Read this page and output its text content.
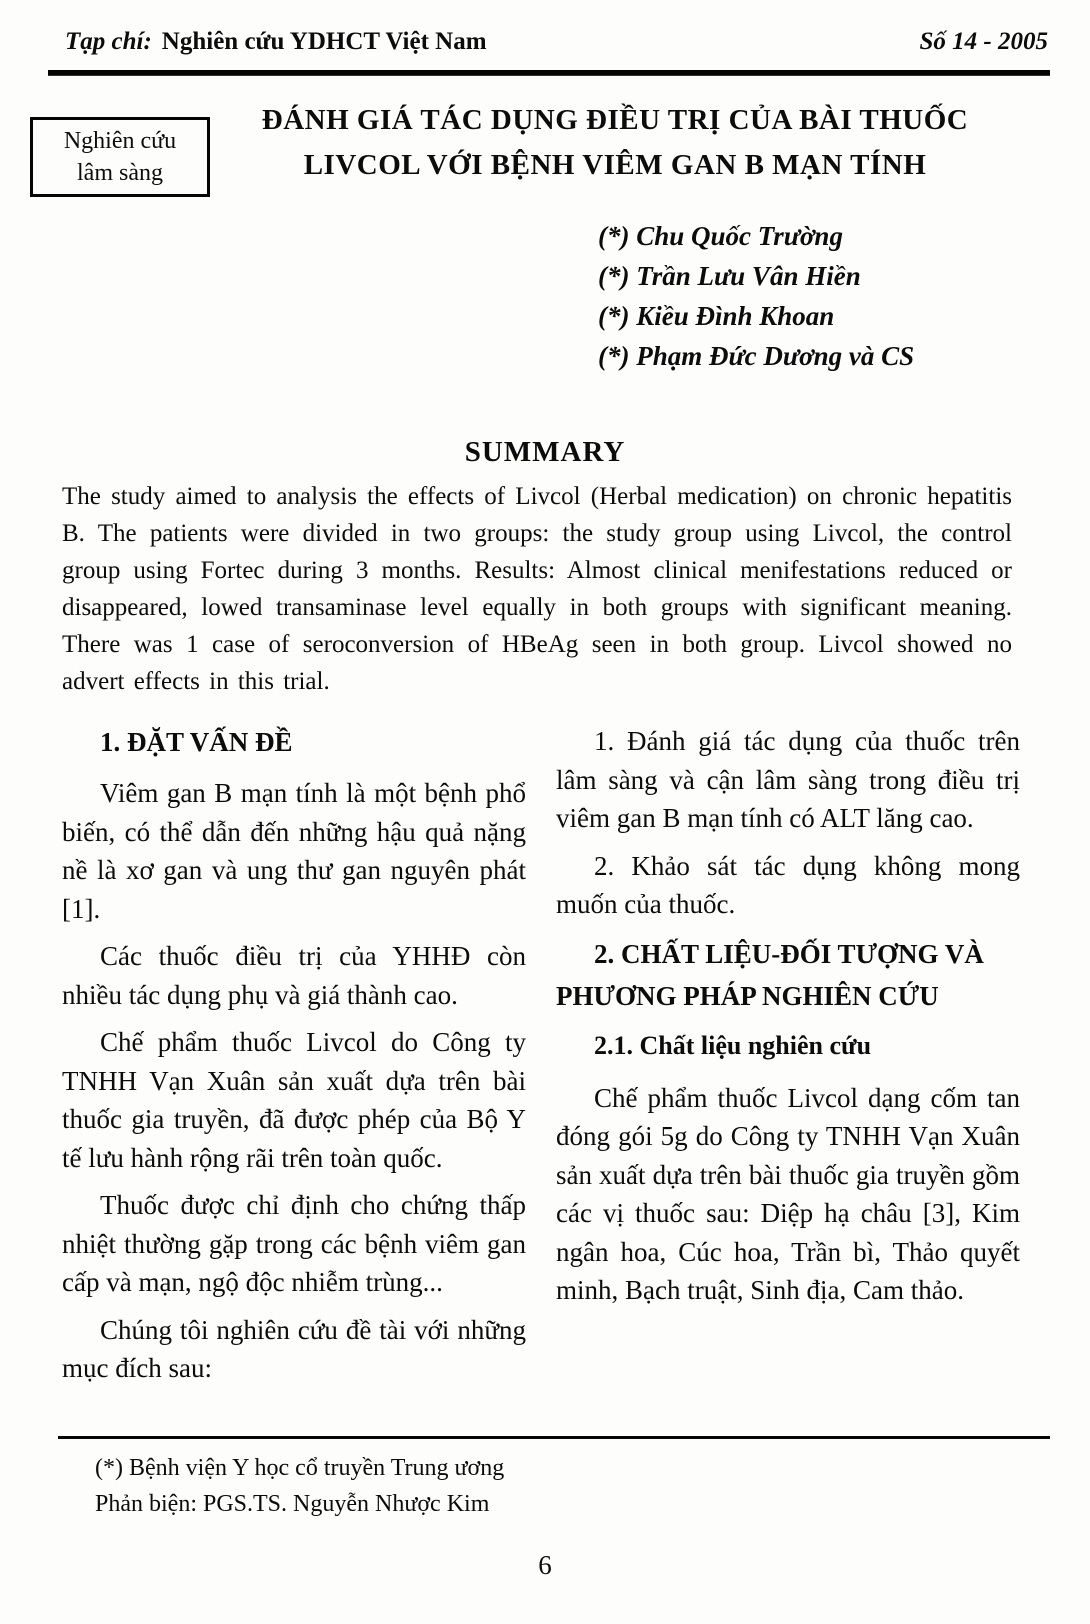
Tạp chí: Nghiên cứu YDHCT Việt Nam	Số 14 - 2005
Nghiên cứu
lâm sàng
ĐÁNH GIÁ TÁC DỤNG ĐIỀU TRỊ CỦA BÀI THUỐC
LIVCOL VỚI BỆNH VIÊM GAN B MẠN TÍNH
(*) Chu Quốc Trường
(*) Trần Lưu Vân Hiền
(*) Kiều Đình Khoan
(*) Phạm Đức Dương và CS
SUMMARY
The study aimed to analysis the effects of Livcol (Herbal medication) on chronic hepatitis B. The patients were divided in two groups: the study group using Livcol, the control group using Fortec during 3 months. Results: Almost clinical menifestations reduced or disappeared, lowed transaminase level equally in both groups with significant meaning. There was 1 case of seroconversion of HBeAg seen in both group. Livcol showed no advert effects in this trial.
1. ĐẶT VẤN ĐỀ

Viêm gan B mạn tính là một bệnh phổ biến, có thể dẫn đến những hậu quả nặng nề là xơ gan và ung thư gan nguyên phát [1].

Các thuốc điều trị của YHHĐ còn nhiều tác dụng phụ và giá thành cao.

Chế phẩm thuốc Livcol do Công ty TNHH Vạn Xuân sản xuất dựa trên bài thuốc gia truyền, đã được phép của Bộ Y tế lưu hành rộng rãi trên toàn quốc.

Thuốc được chỉ định cho chứng thấp nhiệt thường gặp trong các bệnh viêm gan cấp và mạn, ngộ độc nhiễm trùng...

Chúng tôi nghiên cứu đề tài với những mục đích sau:

1. Đánh giá tác dụng của thuốc trên lâm sàng và cận lâm sàng trong điều trị viêm gan B mạn tính có ALT lăng cao.

2. Khảo sát tác dụng không mong muốn của thuốc.

2. CHẤT LIỆU-ĐỐI TƯỢNG VÀ PHƯƠNG PHÁP NGHIÊN CỨU
2.1. Chất liệu nghiên cứu

Chế phẩm thuốc Livcol dạng cốm tan đóng gói 5g do Công ty TNHH Vạn Xuân sản xuất dựa trên bài thuốc gia truyền gồm các vị thuốc sau: Diệp hạ châu [3], Kim ngân hoa, Cúc hoa, Trần bì, Thảo quyết minh, Bạch truật, Sinh địa, Cam thảo.

(*) Bệnh viện Y học cổ truyền Trung ương
Phản biện: PGS.TS. Nguyễn Nhược Kim
6
